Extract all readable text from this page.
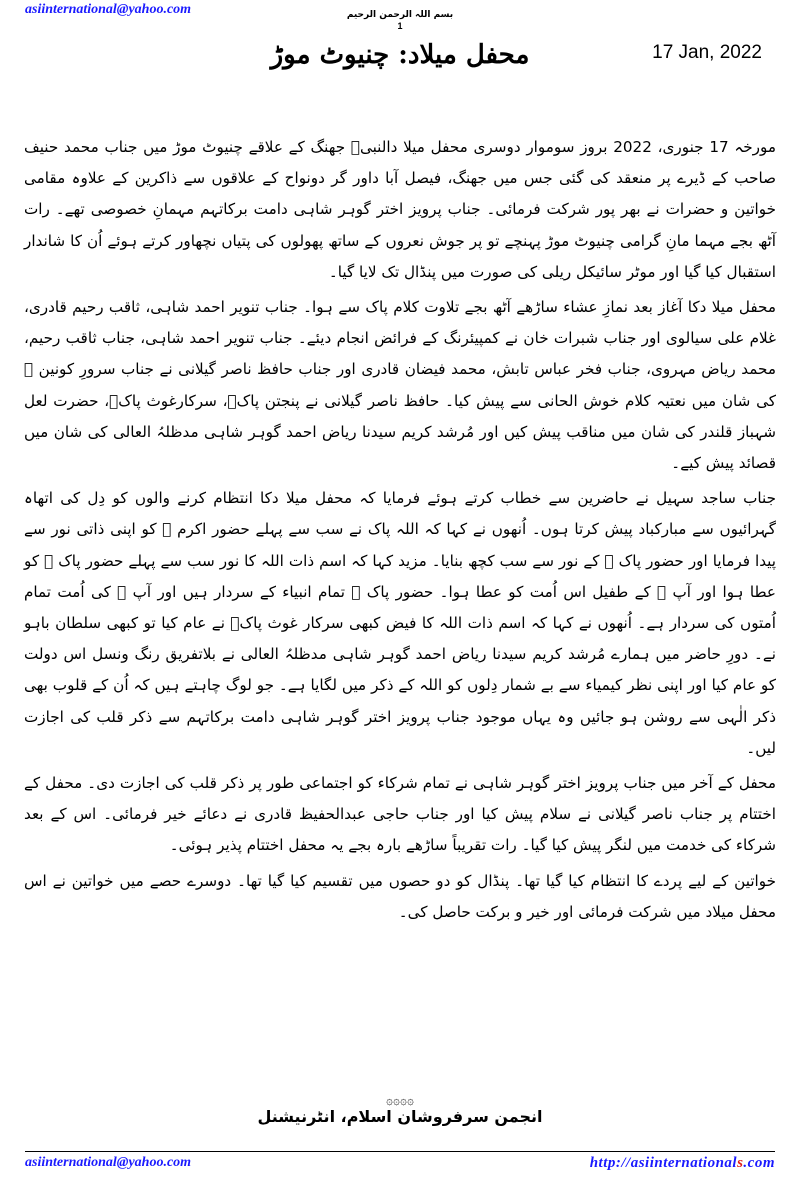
asiinternational@yahoo.com	بسم اللہ الرحمن الرحیم
1
17 Jan, 2022
محفل میلاد: چنیوٹ موڑ

مورخہ 17 جنوری، 2022 بروز سوموار دوسری محفل میلا دالنبیؐ جھنگ کے علاقے چنیوٹ موڑ میں جناب محمد حنیف صاحب کے ڈیرے پر منعقد کی گئی جس میں جھنگ، فیصل آبا داور گر دونواح کے علاقوں سے ذاکرین کے علاوہ مقامی خواتین و حضرات نے بھر پور شرکت فرمائی۔ جناب پرویز اختر گوہر شاہی دامت برکاتہم مہمانِ خصوصی تھے۔ رات آٹھ بجے مہما مانِ گرامی چنیوٹ موڑ پہنچے تو پر جوش نعروں کے ساتھ پھولوں کی پتیاں نچھاور کرتے ہوئے اُن کا شاندار استقبال کیا گیا اور موٹر سائیکل ریلی کی صورت میں پنڈال تک لایا گیا۔

محفل میلا دکا آغاز بعد نمازِ عشاء ساڑھے آٹھ بجے تلاوت کلام پاک سے ہوا۔ جناب تنویر احمد شاہی، ثاقب رحیم قادری، غلام علی سیالوی اور جناب شبرات خان نے کمپیئرنگ کے فرائض انجام دیئے۔ جناب تنویر احمد شاہی، جناب ثاقب رحیم، محمد ریاض مہروی، جناب فخر عباس تابش، محمد فیضان قادری اور جناب حافظ ناصر گیلانی نے جناب سرورِ کونین ﷺ کی شان میں نعتیہ کلام خوش الحانی سے پیش کیا۔ حافظ ناصر گیلانی نے پنجتن پاکؑ، سرکارغوث پاکؓ، حضرت لعل شہباز قلندر کی شان میں مناقب پیش کیں اور مُرشد کریم سیدنا ریاض احمد گوہر شاہی مدظلہُ العالی کی شان میں قصائد پیش کیے۔

جناب ساجد سہیل نے حاضرین سے خطاب کرتے ہوئے فرمایا کہ محفل میلا دکا انتظام کرنے والوں کو دِل کی اتھاہ گہرائیوں سے مبارکباد پیش کرتا ہوں۔ اُنھوں نے کہا کہ اللہ پاک نے سب سے پہلے حضور اکرم ﷺ کو اپنی ذاتی نور سے پیدا فرمایا اور حضور پاک ﷺ کے نور سے سب کچھ بنایا۔ مزید کہا کہ اسم ذات اللہ کا نور سب سے پہلے حضور پاک ﷺ کو عطا ہوا اور آپ ﷺ کے طفیل اس اُمت کو عطا ہوا۔ حضور پاک ﷺ تمام انبیاء کے سردار ہیں اور آپ ﷺ کی اُمت تمام اُمتوں کی سردار ہے۔ اُنھوں نے کہا کہ اسم ذات اللہ کا فیض کبھی سرکار غوث پاکؓ نے عام کیا تو کبھی سلطان باہو نے۔ دورِ حاضر میں ہمارے مُرشد کریم سیدنا ریاض احمد گوہر شاہی مدظلہُ العالی نے بلاتفریق رنگ ونسل اس دولت کو عام کیا اور اپنی نظر کیمیاء سے بے شمار دِلوں کو اللہ کے ذکر میں لگایا ہے۔ جو لوگ چاہتے ہیں کہ اُن کے قلوب بھی ذکر الٰہی سے روشن ہو جائیں وہ یہاں موجود جناب پرویز اختر گوہر شاہی دامت برکاتہم سے ذکر قلب کی اجازت لیں۔

محفل کے آخر میں جناب پرویز اختر گوہر شاہی نے تمام شرکاء کو اجتماعی طور پر ذکر قلب کی اجازت دی۔ محفل کے اختتام پر جناب ناصر گیلانی نے سلام پیش کیا اور جناب حاجی عبدالحفیظ قادری نے دعائے خیر فرمائی۔ اس کے بعد شرکاء کی خدمت میں لنگر پیش کیا گیا۔ رات تقریباً ساڑھے بارہ بجے یہ محفل اختتام پذیر ہوئی۔

خواتین کے لیے پردے کا انتظام کیا گیا تھا۔ پنڈال کو دو حصوں میں تقسیم کیا گیا تھا۔ دوسرے حصے میں خواتین نے اس محفل میلاد میں شرکت فرمائی اور خیر و برکت حاصل کی۔

۞۞۞۞
انجمن سرفروشان اسلام، انٹرنیشنل
asiinternational@yahoo.com	http://asiinternationals.com
